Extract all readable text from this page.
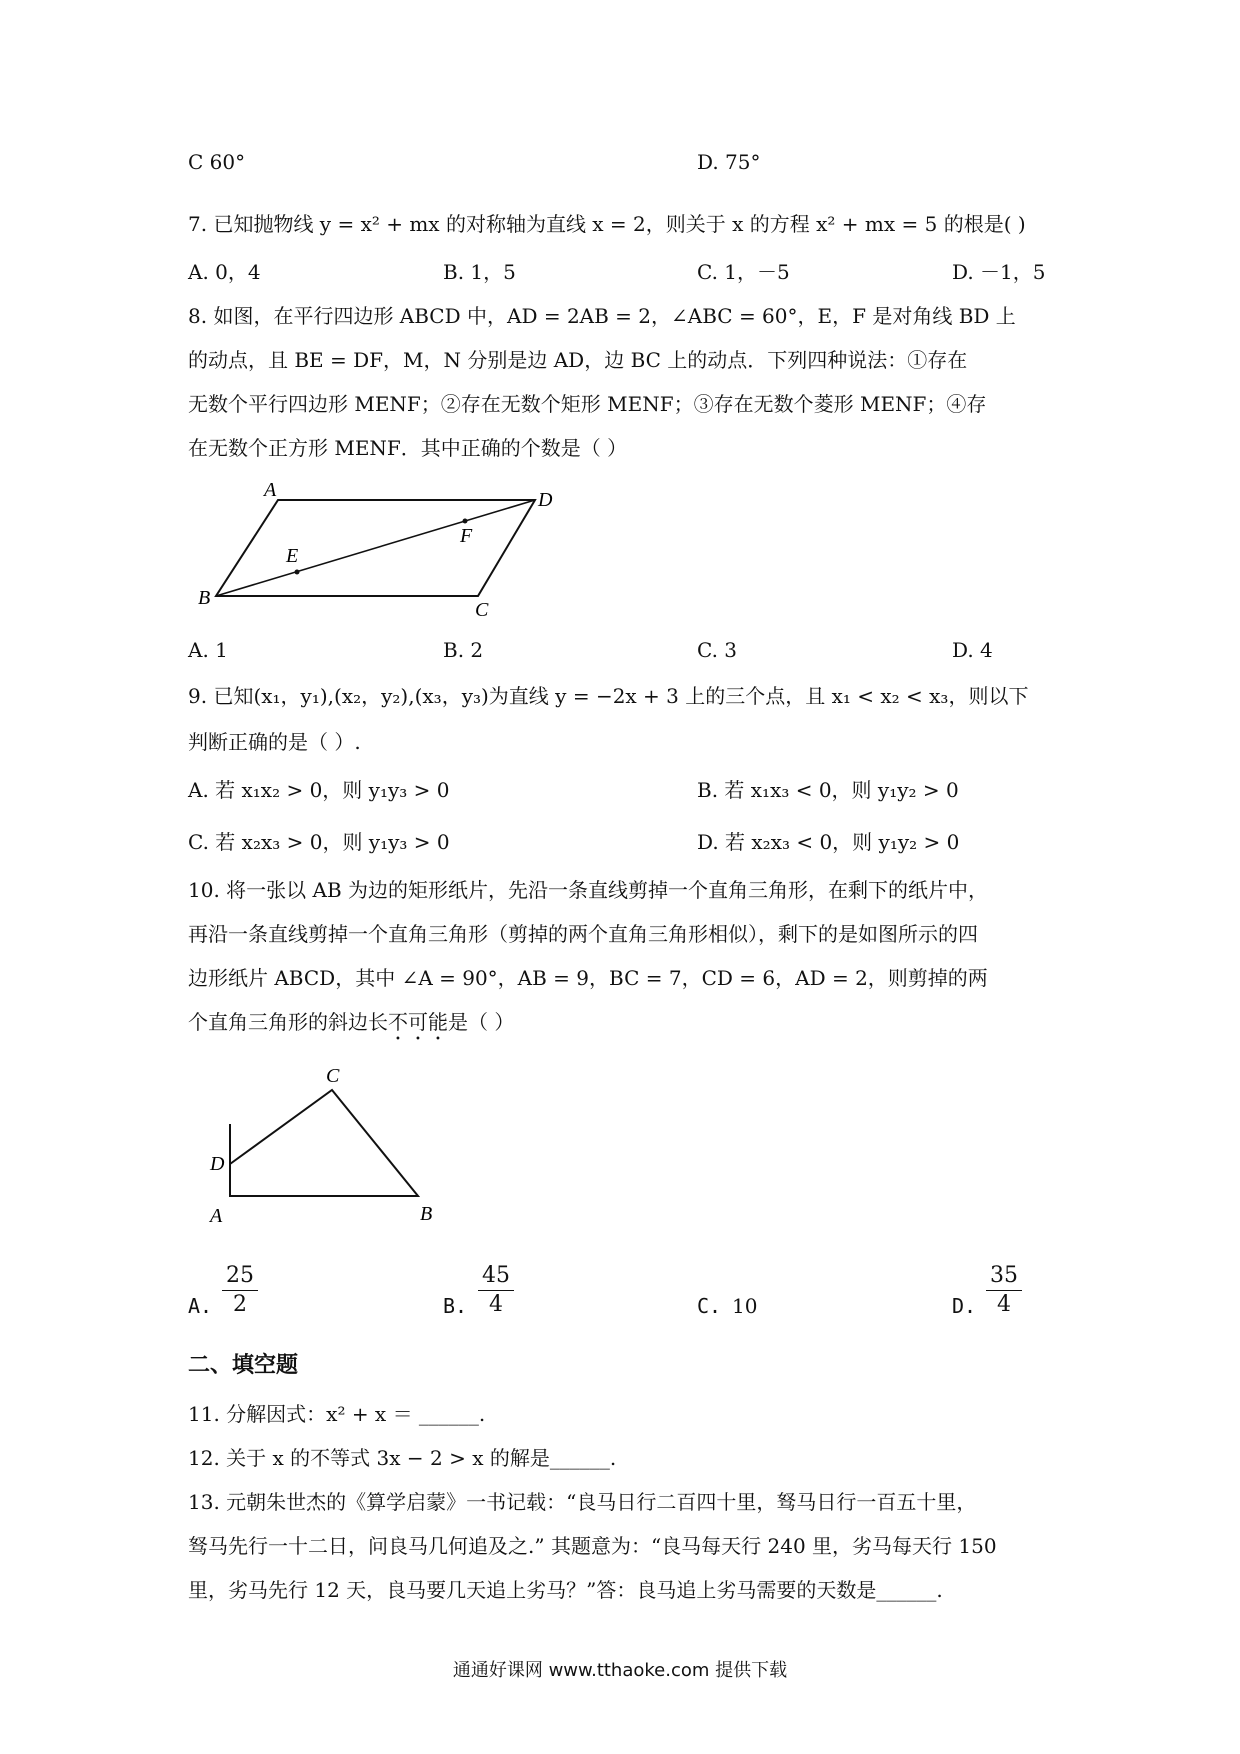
C 60°	D. 75°
7. 已知抛物线 y = x² + mx 的对称轴为直线 x = 2，则关于 x 的方程 x² + mx = 5 的根是( )
A. 0，4	B. 1，5	C. 1，－5	D. －1，5
8. 如图，在平行四边形 ABCD 中，AD = 2AB = 2，∠ABC = 60°，E，F 是对角线 BD 上
的动点，且 BE = DF，M，N 分别是边 AD，边 BC 上的动点．下列四种说法：①存在
无数个平行四边形 MENF；②存在无数个矩形 MENF；③存在无数个菱形 MENF；④存
在无数个正方形 MENF．其中正确的个数是（ ）
A	D
F
E
B
C
A. 1	B. 2	C. 3	D. 4
9. 已知(x₁，y₁),(x₂，y₂),(x₃，y₃)为直线 y = −2x + 3 上的三个点，且 x₁ < x₂ < x₃，则以下
判断正确的是（ ）.
A. 若 x₁x₂ > 0，则 y₁y₃ > 0	B. 若 x₁x₃ < 0，则 y₁y₂ > 0
C. 若 x₂x₃ > 0，则 y₁y₃ > 0	D. 若 x₂x₃ < 0，则 y₁y₂ > 0
10. 将一张以 AB 为边的矩形纸片，先沿一条直线剪掉一个直角三角形，在剩下的纸片中，
再沿一条直线剪掉一个直角三角形（剪掉的两个直角三角形相似），剩下的是如图所示的四
边形纸片 ABCD，其中 ∠A = 90°，AB = 9，BC = 7，CD = 6，AD = 2，则剪掉的两
个直角三角形的斜边长不可能是（ ）
C
D
A	B
A. $\frac{25}{2}$	B. $\frac{45}{4}$	C. 10	D. $\frac{35}{4}$
二、填空题
11. 分解因式：x² + x ＝ ______.
12. 关于 x 的不等式 3x − 2 > x 的解是______.
13. 元朝朱世杰的《算学启蒙》一书记载：“良马日行二百四十里，驽马日行一百五十里，
驽马先行一十二日，问良马几何追及之.” 其题意为：“良马每天行 240 里，劣马每天行 150
里，劣马先行 12 天，良马要几天追上劣马？”答：良马追上劣马需要的天数是______.
通通好课网 www.tthaoke.com 提供下载
